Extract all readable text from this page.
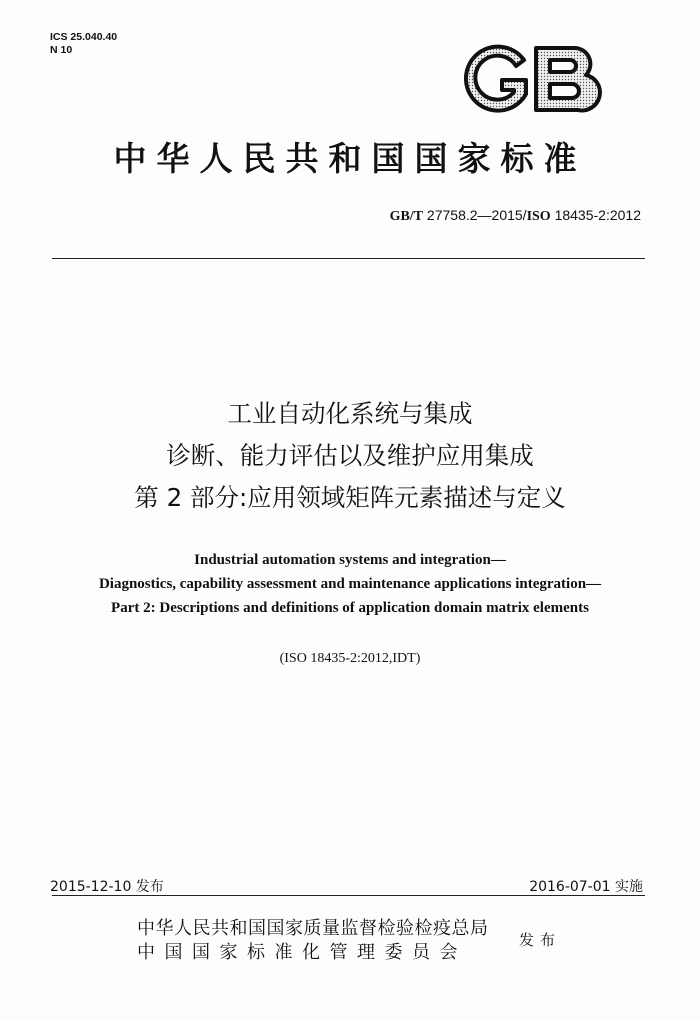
ICS 25.040.40
N 10
中华人民共和国国家标准
GB/T 27758.2—2015/ISO 18435-2:2012
工业自动化系统与集成
诊断、能力评估以及维护应用集成
第 2 部分:应用领域矩阵元素描述与定义
Industrial automation systems and integration—
Diagnostics, capability assessment and maintenance applications integration—
Part 2: Descriptions and definitions of application domain matrix elements
(ISO 18435-2:2012,IDT)
2015-12-10 发布	2016-07-01 实施
中华人民共和国国家质量监督检验检疫总局
中国国家标准化管理委员会
发布
